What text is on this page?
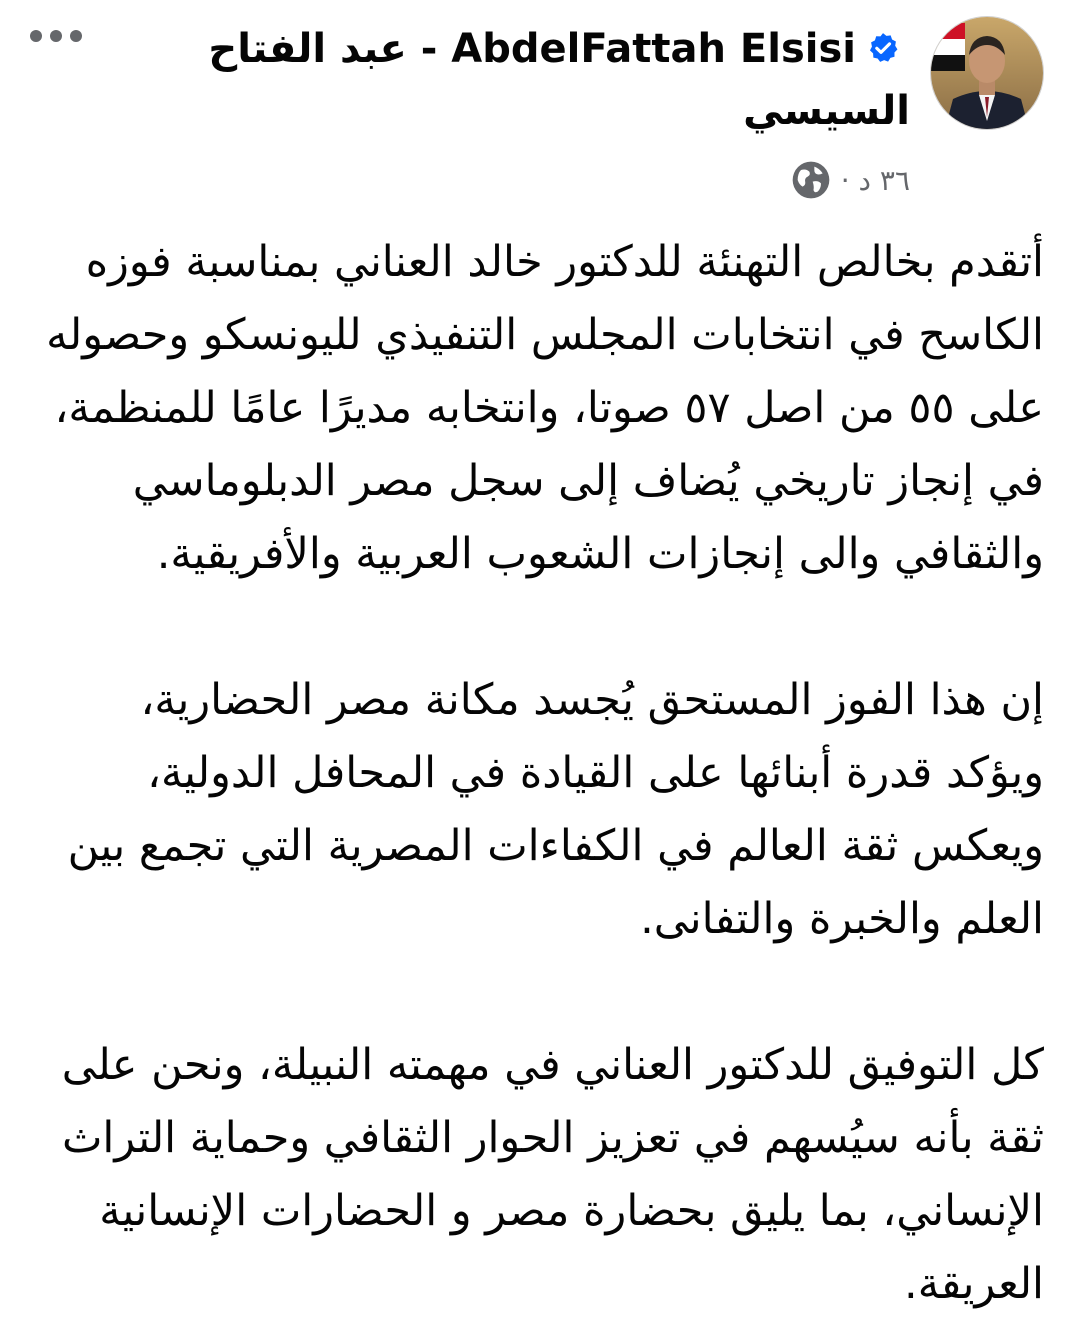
AbdelFattah Elsisi - عبد الفتاح السيسي
٣٦ د ·

أتقدم بخالص التهنئة للدكتور خالد العناني بمناسبة فوزه الكاسح في انتخابات المجلس التنفيذي لليونسكو وحصوله على ٥٥ من اصل ٥٧ صوتا، وانتخابه مديرًا عامًا للمنظمة، في إنجاز تاريخي يُضاف إلى سجل مصر الدبلوماسي والثقافي والى إنجازات الشعوب العربية والأفريقية.

إن هذا الفوز المستحق يُجسد مكانة مصر الحضارية، ويؤكد قدرة أبنائها على القيادة في المحافل الدولية، ويعكس ثقة العالم في الكفاءات المصرية التي تجمع بين العلم والخبرة والتفانى.

كل التوفيق للدكتور العناني في مهمته النبيلة، ونحن على ثقة بأنه سيُسهم في تعزيز الحوار الثقافي وحماية التراث الإنساني، بما يليق بحضارة مصر و الحضارات الإنسانية العريقة.
